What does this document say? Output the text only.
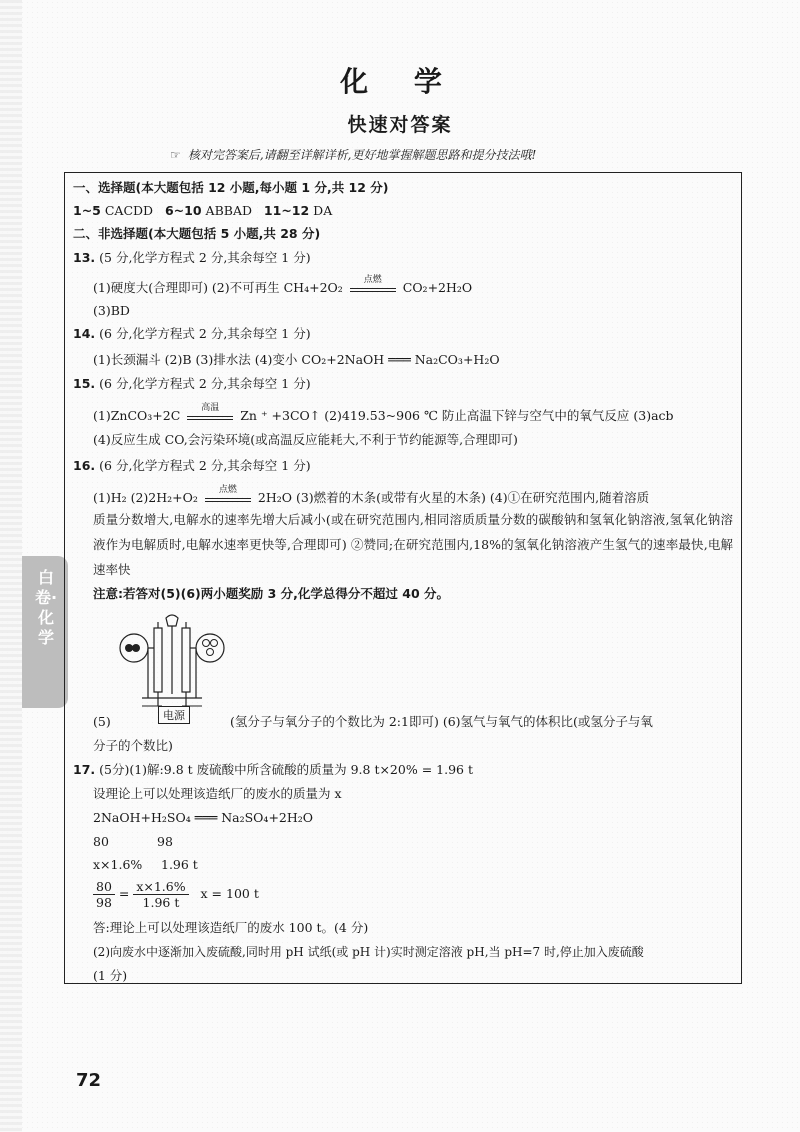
化 学
快速对答案
☞ 核对完答案后,请翻至详解详析,更好地掌握解题思路和提分技法哦!
白卷·化学
一、选择题(本大题包括 12 小题,每小题 1 分,共 12 分)
1~5 CACDD 6~10 ABBAD 11~12 DA
二、非选择题(本大题包括 5 小题,共 28 分)
13. (5 分,化学方程式 2 分,其余每空 1 分)
(1)硬度大(合理即可) (2)不可再生 CH₄+2O₂
点燃
CO₂+2H₂O
(3)BD
14. (6 分,化学方程式 2 分,其余每空 1 分)
(1)长颈漏斗 (2)B (3)排水法 (4)变小 CO₂+2NaOH ═══ Na₂CO₃+H₂O
15. (6 分,化学方程式 2 分,其余每空 1 分)
(1)ZnCO₃+2C
高温
Zn ⁺ +3CO↑ (2)419.53~906 ℃ 防止高温下锌与空气中的氧气反应 (3)acb
(4)反应生成 CO,会污染环境(或高温反应能耗大,不利于节约能源等,合理即可)
16. (6 分,化学方程式 2 分,其余每空 1 分)
(1)H₂ (2)2H₂+O₂
点燃
2H₂O (3)燃着的木条(或带有火星的木条) (4)①在研究范围内,随着溶质
质量分数增大,电解水的速率先增大后减小(或在研究范围内,相同溶质质量分数的碳酸钠和氢氧化钠溶液,氢氧化钠溶液作为电解质时,电解水速率更快等,合理即可) ②赞同;在研究范围内,18%的氢氧化钠溶液产生氢气的速率最快,电解速率快
注意:若答对(5)(6)两小题奖励 3 分,化学总得分不超过 40 分。
(5)	(氢分子与氧分子的个数比为 2:1即可) (6)氢气与氧气的体积比(或氢分子与氧
分子的个数比)
17. (5分)(1)解:9.8 t 废硫酸中所含硫酸的质量为 9.8 t×20% = 1.96 t
设理论上可以处理该造纸厂的废水的质量为 x
2NaOH+H₂SO₄ ═══ Na₂SO₄+2H₂O
80	98
x×1.6% 1.96 t
$\frac{80}{98} = \frac{x\times 1.6\%}{1.96 t}$ x = 100 t
答:理论上可以处理该造纸厂的废水 100 t。(4 分)
(2)向废水中逐渐加入废硫酸,同时用 pH 试纸(或 pH 计)实时测定溶液 pH,当 pH=7 时,停止加入废硫酸
(1 分)
电源
72
